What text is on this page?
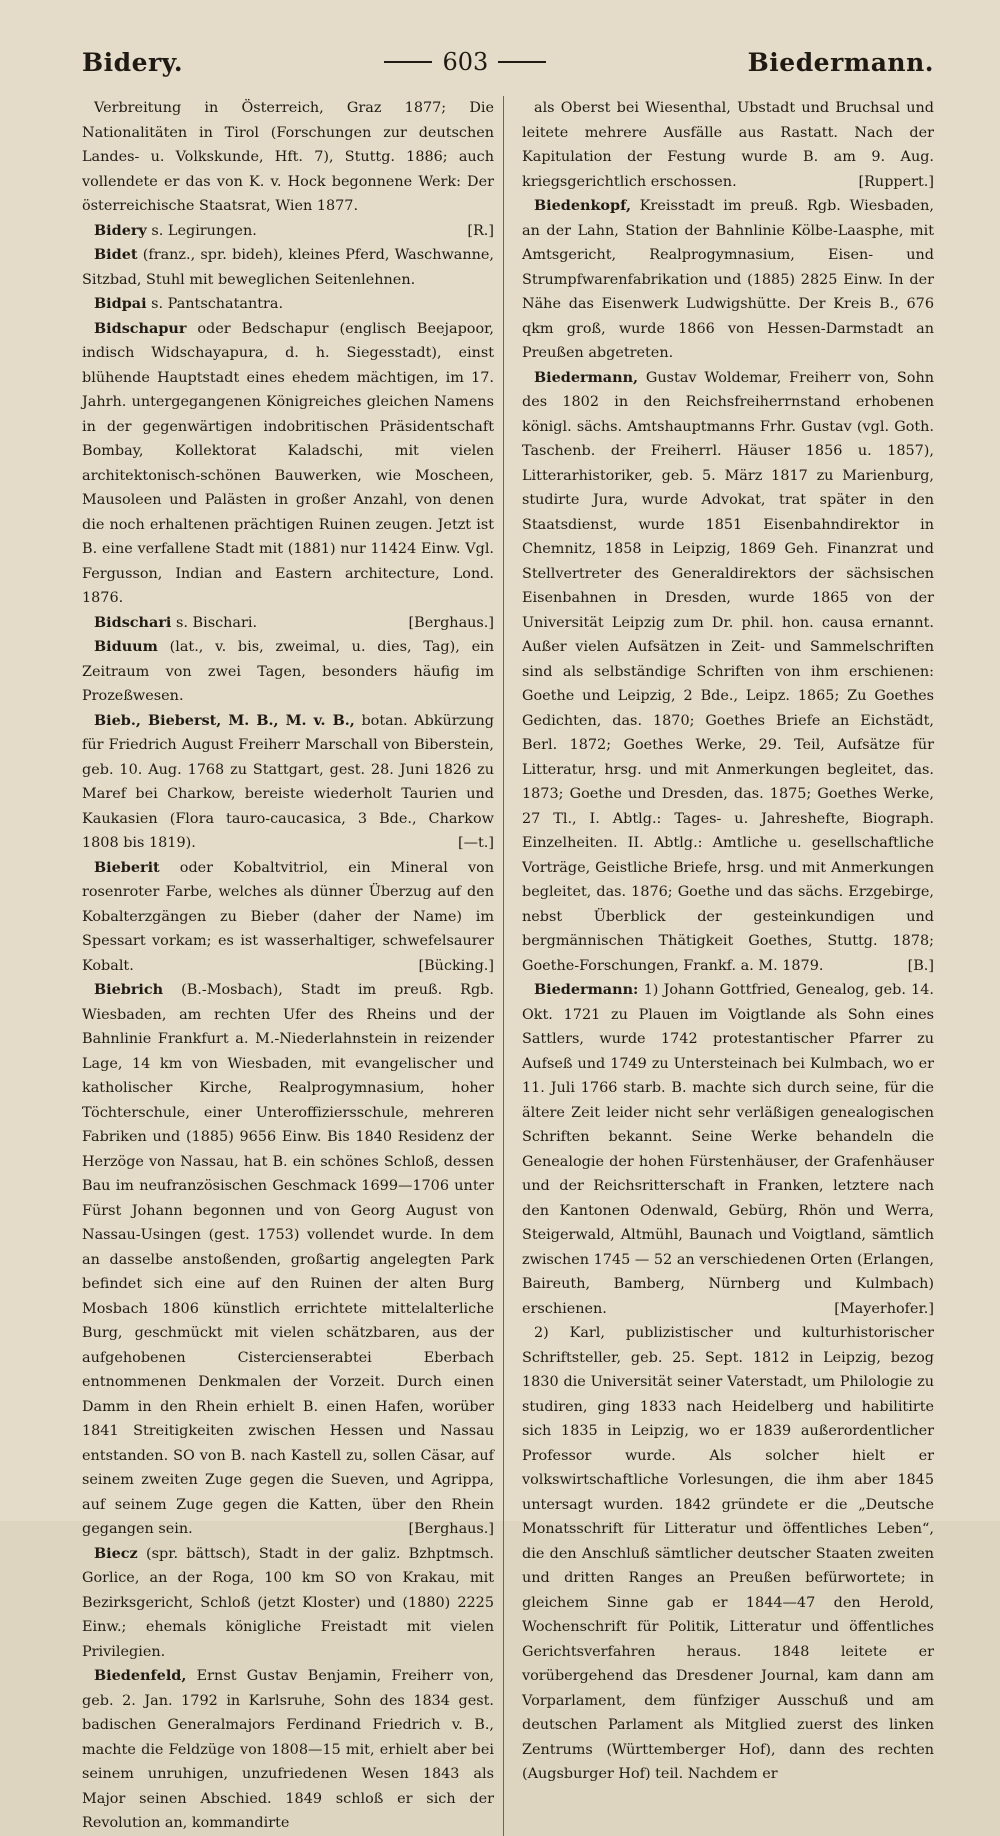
Bidery.	603	Biedermann.

Verbreitung in Österreich, Graz 1877; Die Nationalitäten in Tirol (Forschungen zur deutschen Landes- u. Volkskunde, Hft. 7), Stuttg. 1886; auch vollendete er das von K. v. Hock begonnene Werk: Der österreichische Staatsrat, Wien 1877.

Bidery s. Legirungen.	[R.]

Bidet (franz., spr. bideh), kleines Pferd, Waschwanne, Sitzbad, Stuhl mit beweglichen Seitenlehnen.

Bidpai s. Pantschatantra.

Bidschapur oder Bedschapur (englisch Beejapoor, indisch Widschayapura, d. h. Siegesstadt), einst blühende Hauptstadt eines ehedem mächtigen, im 17. Jahrh. untergegangenen Königreiches gleichen Namens in der gegenwärtigen indobritischen Präsidentschaft Bombay, Kollektorat Kaladschi, mit vielen architektonisch-schönen Bauwerken, wie Moscheen, Mausoleen und Palästen in großer Anzahl, von denen die noch erhaltenen prächtigen Ruinen zeugen. Jetzt ist B. eine verfallene Stadt mit (1881) nur 11424 Einw. Vgl. Fergusson, Indian and Eastern architecture, Lond. 1876.

Bidschari s. Bischari.	[Berghaus.]

Biduum (lat., v. bis, zweimal, u. dies, Tag), ein Zeitraum von zwei Tagen, besonders häufig im Prozeßwesen.

Bieb., Bieberst, M. B., M. v. B., botan. Abkürzung für Friedrich August Freiherr Marschall von Biberstein, geb. 10. Aug. 1768 zu Stattgart, gest. 28. Juni 1826 zu Maref bei Charkow, bereiste wiederholt Taurien und Kaukasien (Flora tauro-caucasica, 3 Bde., Charkow 1808 bis 1819).	[—t.]

Bieberit oder Kobaltvitriol, ein Mineral von rosenroter Farbe, welches als dünner Überzug auf den Kobalterzgängen zu Bieber (daher der Name) im Spessart vorkam; es ist wasserhaltiger, schwefelsaurer Kobalt.	[Bücking.]

Biebrich (B.-Mosbach), Stadt im preuß. Rgb. Wiesbaden, am rechten Ufer des Rheins und der Bahnlinie Frankfurt a. M.-Niederlahnstein in reizender Lage, 14 km von Wiesbaden, mit evangelischer und katholischer Kirche, Realprogymnasium, hoher Töchterschule, einer Unteroffiziersschule, mehreren Fabriken und (1885) 9656 Einw. Bis 1840 Residenz der Herzöge von Nassau, hat B. ein schönes Schloß, dessen Bau im neufranzösischen Geschmack 1699—1706 unter Fürst Johann begonnen und von Georg August von Nassau-Usingen (gest. 1753) vollendet wurde. In dem an dasselbe anstoßenden, großartig angelegten Park befindet sich eine auf den Ruinen der alten Burg Mosbach 1806 künstlich errichtete mittelalterliche Burg, geschmückt mit vielen schätzbaren, aus der aufgehobenen Cistercienserabtei Eberbach entnommenen Denkmalen der Vorzeit. Durch einen Damm in den Rhein erhielt B. einen Hafen, worüber 1841 Streitigkeiten zwischen Hessen und Nassau entstanden. SO von B. nach Kastell zu, sollen Cäsar, auf seinem zweiten Zuge gegen die Sueven, und Agrippa, auf seinem Zuge gegen die Katten, über den Rhein gegangen sein.	[Berghaus.]

Biecz (spr. bättsch), Stadt in der galiz. Bzhptmsch. Gorlice, an der Roga, 100 km SO von Krakau, mit Bezirksgericht, Schloß (jetzt Kloster) und (1880) 2225 Einw.; ehemals königliche Freistadt mit vielen Privilegien.

Biedenfeld, Ernst Gustav Benjamin, Freiherr von, geb. 2. Jan. 1792 in Karlsruhe, Sohn des 1834 gest. badischen Generalmajors Ferdinand Friedrich v. B., machte die Feldzüge von 1808—15 mit, erhielt aber bei seinem unruhigen, unzufriedenen Wesen 1843 als Major seinen Abschied. 1849 schloß er sich der Revolution an, kommandirte

als Oberst bei Wiesenthal, Ubstadt und Bruchsal und leitete mehrere Ausfälle aus Rastatt. Nach der Kapitulation der Festung wurde B. am 9. Aug. kriegsgerichtlich erschossen.	[Ruppert.]

Biedenkopf, Kreisstadt im preuß. Rgb. Wiesbaden, an der Lahn, Station der Bahnlinie Kölbe-Laasphe, mit Amtsgericht, Realprogymnasium, Eisen- und Strumpfwarenfabrikation und (1885) 2825 Einw. In der Nähe das Eisenwerk Ludwigshütte. Der Kreis B., 676 qkm groß, wurde 1866 von Hessen-Darmstadt an Preußen abgetreten.

Biedermann, Gustav Woldemar, Freiherr von, Sohn des 1802 in den Reichsfreiherrnstand erhobenen königl. sächs. Amtshauptmanns Frhr. Gustav (vgl. Goth. Taschenb. der Freiherrl. Häuser 1856 u. 1857), Litterarhistoriker, geb. 5. März 1817 zu Marienburg, studirte Jura, wurde Advokat, trat später in den Staatsdienst, wurde 1851 Eisenbahndirektor in Chemnitz, 1858 in Leipzig, 1869 Geh. Finanzrat und Stellvertreter des Generaldirektors der sächsischen Eisenbahnen in Dresden, wurde 1865 von der Universität Leipzig zum Dr. phil. hon. causa ernannt. Außer vielen Aufsätzen in Zeit- und Sammelschriften sind als selbständige Schriften von ihm erschienen: Goethe und Leipzig, 2 Bde., Leipz. 1865; Zu Goethes Gedichten, das. 1870; Goethes Briefe an Eichstädt, Berl. 1872; Goethes Werke, 29. Teil, Aufsätze für Litteratur, hrsg. und mit Anmerkungen begleitet, das. 1873; Goethe und Dresden, das. 1875; Goethes Werke, 27 Tl., I. Abtlg.: Tages- u. Jahreshefte, Biograph. Einzelheiten. II. Abtlg.: Amtliche u. gesellschaftliche Vorträge, Geistliche Briefe, hrsg. und mit Anmerkungen begleitet, das. 1876; Goethe und das sächs. Erzgebirge, nebst Überblick der gesteinkundigen und bergmännischen Thätigkeit Goethes, Stuttg. 1878; Goethe-Forschungen, Frankf. a. M. 1879.	[B.]

Biedermann: 1) Johann Gottfried, Genealog, geb. 14. Okt. 1721 zu Plauen im Voigtlande als Sohn eines Sattlers, wurde 1742 protestantischer Pfarrer zu Aufseß und 1749 zu Untersteinach bei Kulmbach, wo er 11. Juli 1766 starb. B. machte sich durch seine, für die ältere Zeit leider nicht sehr verläßigen genealogischen Schriften bekannt. Seine Werke behandeln die Genealogie der hohen Fürstenhäuser, der Grafenhäuser und der Reichsritterschaft in Franken, letztere nach den Kantonen Odenwald, Gebürg, Rhön und Werra, Steigerwald, Altmühl, Baunach und Voigtland, sämtlich zwischen 1745 — 52 an verschiedenen Orten (Erlangen, Baireuth, Bamberg, Nürnberg und Kulmbach) erschienen.	[Mayerhofer.]

2) Karl, publizistischer und kulturhistorischer Schriftsteller, geb. 25. Sept. 1812 in Leipzig, bezog 1830 die Universität seiner Vaterstadt, um Philologie zu studiren, ging 1833 nach Heidelberg und habilitirte sich 1835 in Leipzig, wo er 1839 außerordentlicher Professor wurde. Als solcher hielt er volkswirtschaftliche Vorlesungen, die ihm aber 1845 untersagt wurden. 1842 gründete er die „Deutsche Monatsschrift für Litteratur und öffentliches Leben“, die den Anschluß sämtlicher deutscher Staaten zweiten und dritten Ranges an Preußen befürwortete; in gleichem Sinne gab er 1844—47 den Herold, Wochenschrift für Politik, Litteratur und öffentliches Gerichtsverfahren heraus. 1848 leitete er vorübergehend das Dresdener Journal, kam dann am Vorparlament, dem fünfziger Ausschuß und am deutschen Parlament als Mitglied zuerst des linken Zentrums (Württemberger Hof), dann des rechten (Augsburger Hof) teil. Nachdem er
